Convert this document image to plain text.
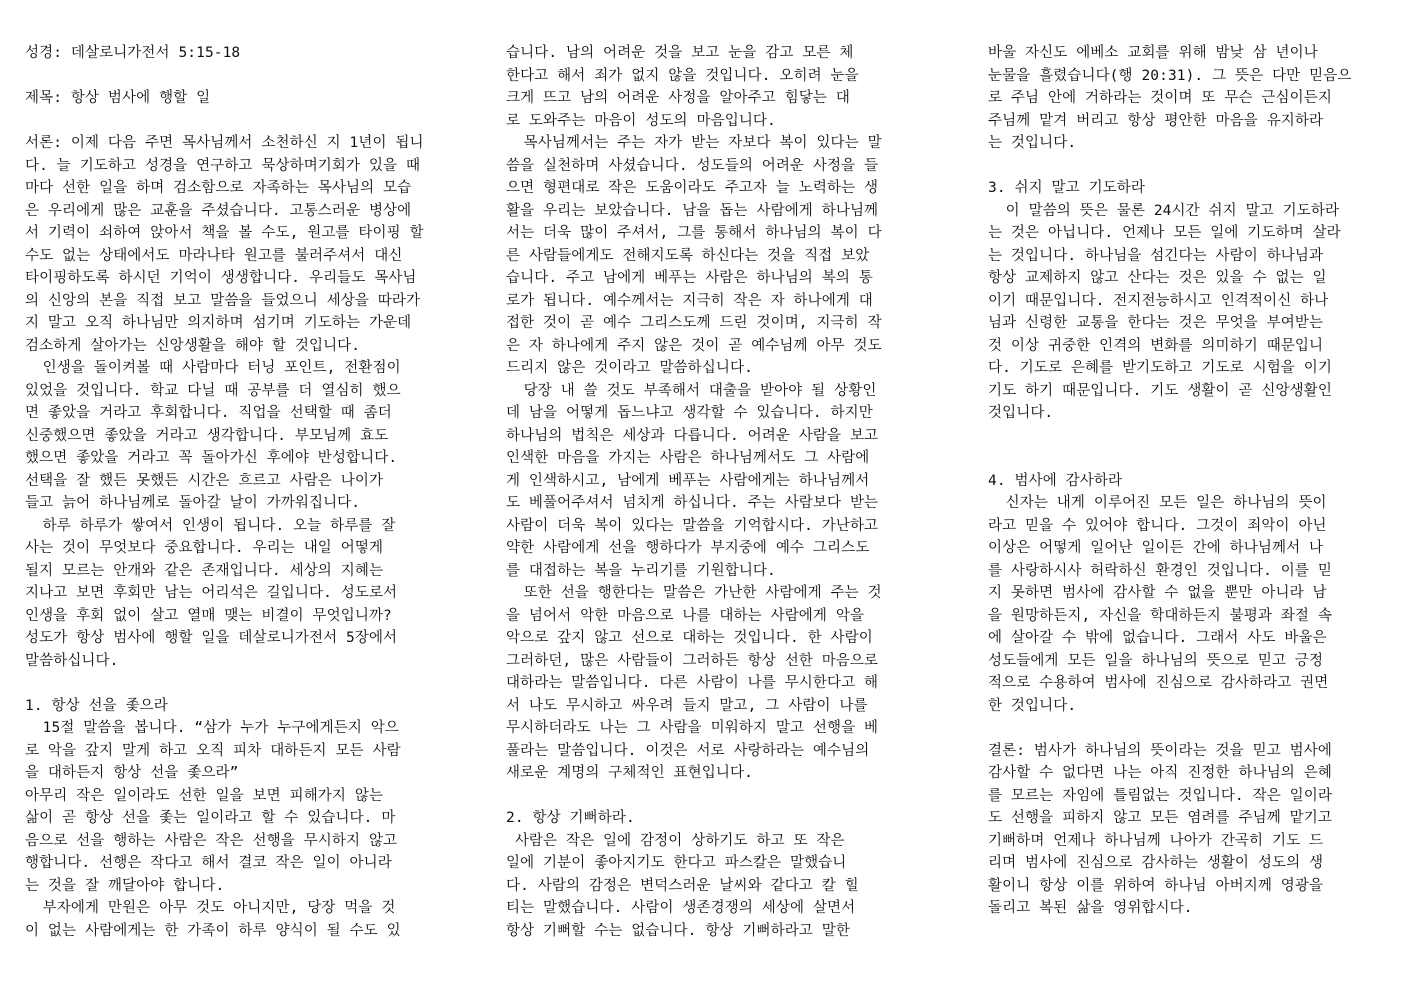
성경: 데살로니가전서 5:15-18

제목: 항상 범사에 행할 일

서론: 이제 다음 주면 목사님께서 소천하신 지 1년이 됩니
다. 늘 기도하고 성경을 연구하고 묵상하며기회가 있을 때
마다 선한 일을 하며 검소함으로 자족하는 목사님의 모습
은 우리에게 많은 교훈을 주셨습니다. 고통스러운 병상에
서 기력이 쇠하여 앉아서 책을 볼 수도, 원고를 타이핑 할
수도 없는 상태에서도 마라나타 원고를 불러주셔서 대신
타이핑하도록 하시던 기억이 생생합니다. 우리들도 목사님
의 신앙의 본을 직접 보고 말씀을 들었으니 세상을 따라가
지 말고 오직 하나님만 의지하며 섬기며 기도하는 가운데
검소하게 살아가는 신앙생활을 해야 할 것입니다.
인생을 돌이켜볼 때 사람마다 터닝 포인트, 전환점이
있었을 것입니다. 학교 다닐 때 공부를 더 열심히 했으
면 좋았을 거라고 후회합니다. 직업을 선택할 때 좀더
신중했으면 좋았을 거라고 생각합니다. 부모님께 효도
했으면 좋았을 거라고 꼭 돌아가신 후에야 반성합니다.
선택을 잘 했든 못했든 시간은 흐르고 사람은 나이가
들고 늙어 하나님께로 돌아갈 날이 가까워집니다.
하루 하루가 쌓여서 인생이 됩니다. 오늘 하루를 잘
사는 것이 무엇보다 중요합니다. 우리는 내일 어떻게
될지 모르는 안개와 같은 존재입니다. 세상의 지혜는
지나고 보면 후회만 남는 어리석은 길입니다. 성도로서
인생을 후회 없이 살고 열매 맺는 비결이 무엇입니까?
성도가 항상 범사에 행할 일을 데살로니가전서 5장에서
말씀하십니다.

1. 항상 선을 좇으라
15절 말씀을 봅니다. “삼가 누가 누구에게든지 악으
로 악을 갚지 말게 하고 오직 피차 대하든지 모든 사람
을 대하든지 항상 선을 좇으라”
아무리 작은 일이라도 선한 일을 보면 피해가지 않는
삶이 곧 항상 선을 좇는 일이라고 할 수 있습니다. 마
음으로 선을 행하는 사람은 작은 선행을 무시하지 않고
행합니다. 선행은 작다고 해서 결코 작은 일이 아니라
는 것을 잘 깨달아야 합니다.
부자에게 만원은 아무 것도 아니지만, 당장 먹을 것
이 없는 사람에게는 한 가족이 하루 양식이 될 수도 있
습니다. 남의 어려운 것을 보고 눈을 감고 모른 체
한다고 해서 죄가 없지 않을 것입니다. 오히려 눈을
크게 뜨고 남의 어려운 사정을 알아주고 힘닿는 대
로 도와주는 마음이 성도의 마음입니다.
목사님께서는 주는 자가 받는 자보다 복이 있다는 말
씀을 실천하며 사셨습니다. 성도들의 어려운 사정을 들
으면 형편대로 작은 도움이라도 주고자 늘 노력하는 생
활을 우리는 보았습니다. 남을 돕는 사람에게 하나님께
서는 더욱 많이 주셔서, 그를 통해서 하나님의 복이 다
른 사람들에게도 전해지도록 하신다는 것을 직접 보았
습니다. 주고 남에게 베푸는 사람은 하나님의 복의 통
로가 됩니다. 예수께서는 지극히 작은 자 하나에게 대
접한 것이 곧 예수 그리스도께 드린 것이며, 지극히 작
은 자 하나에게 주지 않은 것이 곧 예수님께 아무 것도
드리지 않은 것이라고 말씀하십니다.
당장 내 쓸 것도 부족해서 대출을 받아야 될 상황인
데 남을 어떻게 돕느냐고 생각할 수 있습니다. 하지만
하나님의 법칙은 세상과 다릅니다. 어려운 사람을 보고
인색한 마음을 가지는 사람은 하나님께서도 그 사람에
게 인색하시고, 남에게 베푸는 사람에게는 하나님께서
도 베풀어주셔서 넘치게 하십니다. 주는 사람보다 받는
사람이 더욱 복이 있다는 말씀을 기억합시다. 가난하고
약한 사람에게 선을 행하다가 부지중에 예수 그리스도
를 대접하는 복을 누리기를 기원합니다.
또한 선을 행한다는 말씀은 가난한 사람에게 주는 것
을 넘어서 악한 마음으로 나를 대하는 사람에게 악을
악으로 갚지 않고 선으로 대하는 것입니다. 한 사람이
그러하던, 많은 사람들이 그러하든 항상 선한 마음으로
대하라는 말씀입니다. 다른 사람이 나를 무시한다고 해
서 나도 무시하고 싸우려 들지 말고, 그 사람이 나를
무시하더라도 나는 그 사람을 미워하지 말고 선행을 베
풀라는 말씀입니다. 이것은 서로 사랑하라는 예수님의
새로운 계명의 구체적인 표현입니다.

2. 항상 기뻐하라.
사람은 작은 일에 감정이 상하기도 하고 또 작은
일에 기분이 좋아지기도 한다고 파스칼은 말했습니
다. 사람의 감정은 변덕스러운 날씨와 같다고 칼 힐
티는 말했습니다. 사람이 생존경쟁의 세상에 살면서
항상 기뻐할 수는 없습니다. 항상 기뻐하라고 말한
바울 자신도 에베소 교회를 위해 밤낮 삼 년이나
눈물을 흘렸습니다(행 20:31). 그 뜻은 다만 믿음으
로 주님 안에 거하라는 것이며 또 무슨 근심이든지
주님께 맡겨 버리고 항상 평안한 마음을 유지하라
는 것입니다.

3. 쉬지 말고 기도하라
이 말씀의 뜻은 물론 24시간 쉬지 말고 기도하라
는 것은 아닙니다. 언제나 모든 일에 기도하며 살라
는 것입니다. 하나님을 섬긴다는 사람이 하나님과
항상 교제하지 않고 산다는 것은 있을 수 없는 일
이기 때문입니다. 전지전능하시고 인격적이신 하나
님과 신령한 교통을 한다는 것은 무엇을 부여받는
것 이상 귀중한 인격의 변화를 의미하기 때문입니
다. 기도로 은혜를 받기도하고 기도로 시험을 이기
기도 하기 때문입니다. 기도 생활이 곧 신앙생활인
것입니다.

4. 범사에 감사하라
신자는 내게 이루어진 모든 일은 하나님의 뜻이
라고 믿을 수 있어야 합니다. 그것이 죄악이 아닌
이상은 어떻게 일어난 일이든 간에 하나님께서 나
를 사랑하시사 허락하신 환경인 것입니다. 이를 믿
지 못하면 범사에 감사할 수 없을 뿐만 아니라 남
을 원망하든지, 자신을 학대하든지 불평과 좌절 속
에 살아갈 수 밖에 없습니다. 그래서 사도 바울은
성도들에게 모든 일을 하나님의 뜻으로 믿고 긍정
적으로 수용하여 범사에 진심으로 감사하라고 권면
한 것입니다.

결론: 범사가 하나님의 뜻이라는 것을 믿고 범사에
감사할 수 없다면 나는 아직 진정한 하나님의 은혜
를 모르는 자임에 틀림없는 것입니다. 작은 일이라
도 선행을 피하지 않고 모든 염려를 주님께 맡기고
기뻐하며 언제나 하나님께 나아가 간곡히 기도 드
리며 범사에 진심으로 감사하는 생활이 성도의 생
활이니 항상 이를 위하여 하나님 아버지께 영광을
돌리고 복된 삶을 영위합시다.
